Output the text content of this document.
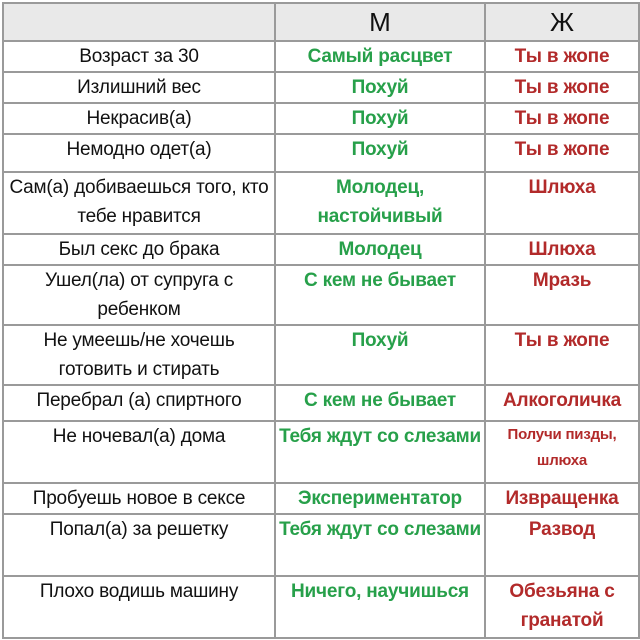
	М	Ж
Возраст за 30	Самый расцвет	Ты в жопе
Излишний вес	Похуй	Ты в жопе
Некрасив(а)	Похуй	Ты в жопе
Немодно одет(а)	Похуй	Ты в жопе
Сам(а) добиваешься того, кто тебе нравится	Молодец, настойчивый	Шлюха
Был секс до брака	Молодец	Шлюха
Ушел(ла) от супруга с ребенком	С кем не бывает	Мразь
Не умеешь/не хочешь готовить и стирать	Похуй	Ты в жопе
Перебрал (а) спиртного	С кем не бывает	Алкоголичка
Не ночевал(а) дома	Тебя ждут со слезами	Получи пизды, шлюха
Пробуешь новое в сексе	Экспериментатор	Извращенка
Попал(а) за решетку	Тебя ждут со слезами	Развод
Плохо водишь машину	Ничего, научишься	Обезьяна с гранатой
